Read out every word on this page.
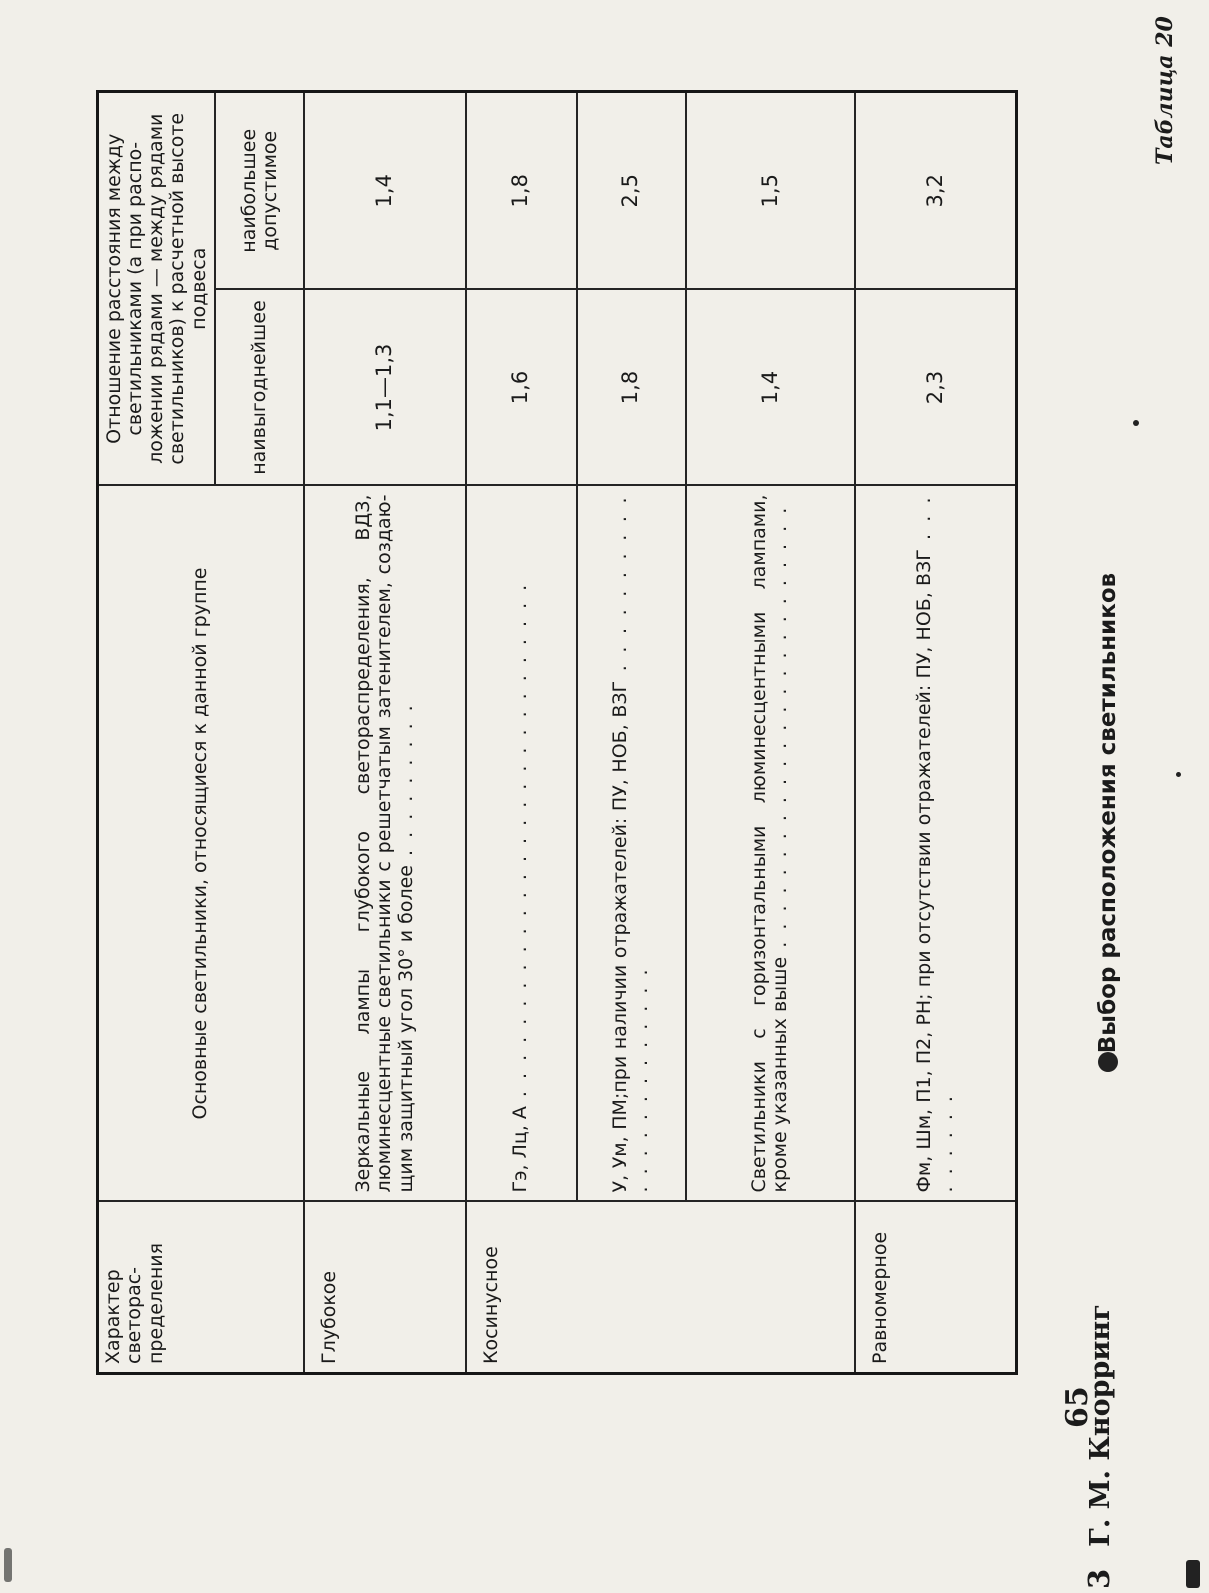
Таблица 20
Выбор расположения светильников
Характер светораспределения	Основные светильники, относящиеся к данной группе	Отношение расстояния между светильниками (а при расположении рядами — между рядами светильников) к расчетной высоте подвеса	
		наивыгоднейшее	наибольшее допустимое
Глубокое	Зеркальные лампы глубокого светораспределения, ВДЗ, люминесцентные светильники с решетчатым затенителем, создающим защитный угол 30° и более . . . . . . . . .	1,1—1,3	1,4
Косинусное	Гэ, Лц, А . . . . . . . . . . . . . . . . . . . . . . . . . . . . .	1,6	1,8
	У, Ум, ПМ;при наличии отражателей: ПУ, НОБ, ВЗГ . . . . . . . . . . . . . . . . . . . . . . .	1,8	2,5
	Светильники с горизонтальными люминесцентными лампами, кроме указанных выше . . . . . . . . . . . . . . . . . . . . . . . . .	1,4	1,5
Равномерное	Фм, Шм, П1, П2, РН; при отсутствии отражателей: ПУ, НОБ, ВЗГ . . . . . . . . .	2,3	3,2
3Г. М. Кнорринг
65
